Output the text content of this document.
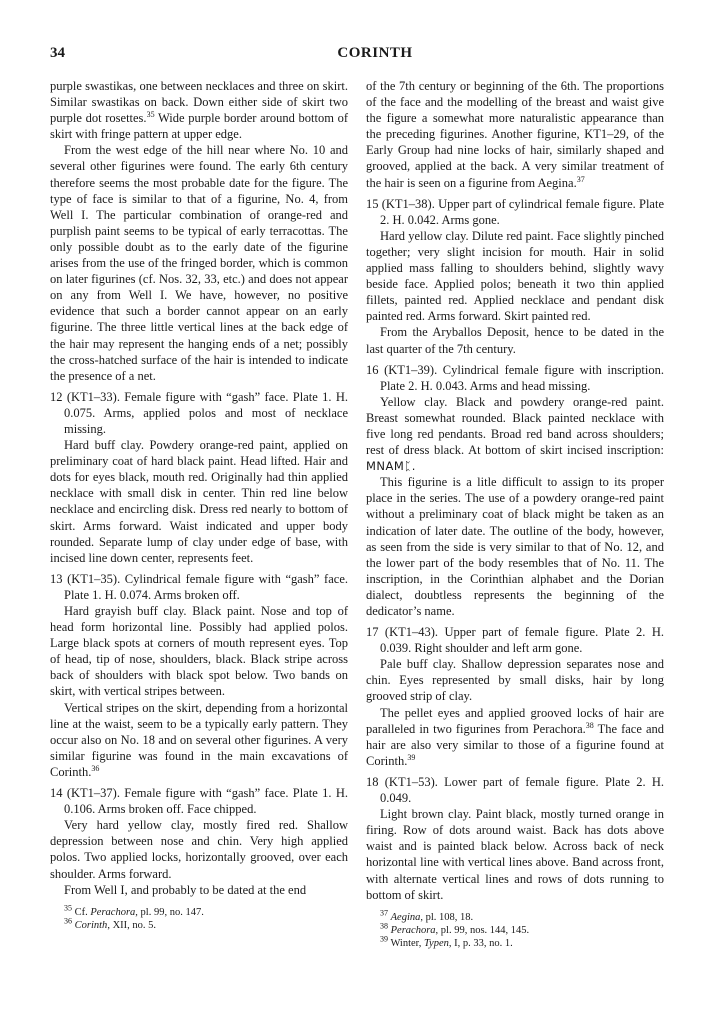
34	CORINTH

purple swastikas, one between necklaces and three on skirt. Similar swastikas on back. Down either side of skirt two purple dot rosettes.$^{35}$ Wide purple border around bottom of skirt with fringe pattern at upper edge.

From the west edge of the hill near where No. 10 and several other figurines were found. The early 6th century therefore seems the most probable date for the figure. The type of face is similar to that of a figurine, No. 4, from Well I. The particular combination of orange-red and purplish paint seems to be typical of early terracottas. The only possible doubt as to the early date of the figurine arises from the use of the fringed border, which is common on later figurines (cf. Nos. 32, 33, etc.) and does not appear on any from Well I. We have, however, no positive evidence that such a border cannot appear on an early figurine. The three little vertical lines at the back edge of the hair may represent the hanging ends of a net; possibly the cross-hatched surface of the hair is intended to indicate the presence of a net.

12 (KT1–33). Female figure with “gash” face. Plate 1. H. 0.075. Arms, applied polos and most of necklace missing.

Hard buff clay. Powdery orange-red paint, applied on preliminary coat of hard black paint. Head lifted. Hair and dots for eyes black, mouth red. Originally had thin applied necklace with small disk in center. Thin red line below necklace and encircling disk. Dress red nearly to bottom of skirt. Arms forward. Waist indicated and upper body rounded. Separate lump of clay under edge of base, with incised line down center, represents feet.

13 (KT1–35). Cylindrical female figure with “gash” face. Plate 1. H. 0.074. Arms broken off.

Hard grayish buff clay. Black paint. Nose and top of head form horizontal line. Possibly had applied polos. Large black spots at corners of mouth represent eyes. Top of head, tip of nose, shoulders, black. Black stripe across back of shoulders with black spot below. Two bands on skirt, with vertical stripes between.

Vertical stripes on the skirt, depending from a horizontal line at the waist, seem to be a typically early pattern. They occur also on No. 18 and on several other figurines. A very similar figurine was found in the main excavations of Corinth.$^{36}$

14 (KT1–37). Female figure with “gash” face. Plate 1. H. 0.106. Arms broken off. Face chipped.

Very hard yellow clay, mostly fired red. Shallow depression between nose and chin. Very high applied polos. Two applied locks, horizontally grooved, over each shoulder. Arms forward.

From Well I, and probably to be dated at the end

$^{35}$ Cf. Perachora, pl. 99, no. 147.

$^{36}$ Corinth, XII, no. 5.

of the 7th century or beginning of the 6th. The proportions of the face and the modelling of the breast and waist give the figure a somewhat more naturalistic appearance than the preceding figurines. Another figurine, KT1–29, of the Early Group had nine locks of hair, similarly shaped and grooved, applied at the back. A very similar treatment of the hair is seen on a figurine from Aegina.$^{37}$

15 (KT1–38). Upper part of cylindrical female figure. Plate 2. H. 0.042. Arms gone.

Hard yellow clay. Dilute red paint. Face slightly pinched together; very slight incision for mouth. Hair in solid applied mass falling to shoulders behind, slightly wavy beside face. Applied polos; beneath it two thin applied fillets, painted red. Applied necklace and pendant disk painted red. Arms forward. Skirt painted red.

From the Aryballos Deposit, hence to be dated in the last quarter of the 7th century.

16 (KT1–39). Cylindrical female figure with inscription. Plate 2. H. 0.043. Arms and head missing.

Yellow clay. Black and powdery orange-red paint. Breast somewhat rounded. Black painted necklace with five long red pendants. Broad red band across shoulders; rest of dress black. At bottom of skirt incised inscription: MNAMᛈ.

This figurine is a litle difficult to assign to its proper place in the series. The use of a powdery orange-red paint without a preliminary coat of black might be taken as an indication of later date. The outline of the body, however, as seen from the side is very similar to that of No. 12, and the lower part of the body resembles that of No. 11. The inscription, in the Corinthian alphabet and the Dorian dialect, doubtless represents the beginning of the dedicator’s name.

17 (KT1–43). Upper part of female figure. Plate 2. H. 0.039. Right shoulder and left arm gone.

Pale buff clay. Shallow depression separates nose and chin. Eyes represented by small disks, hair by long grooved strip of clay.

The pellet eyes and applied grooved locks of hair are paralleled in two figurines from Perachora.$^{38}$ The face and hair are also very similar to those of a figurine found at Corinth.$^{39}$

18 (KT1–53). Lower part of female figure. Plate 2. H. 0.049.

Light brown clay. Paint black, mostly turned orange in firing. Row of dots around waist. Back has dots above waist and is painted black below. Across back of neck horizontal line with vertical lines above. Band across front, with alternate vertical lines and rows of dots running to bottom of skirt.

$^{37}$ Aegina, pl. 108, 18.

$^{38}$ Perachora, pl. 99, nos. 144, 145.

$^{39}$ Winter, Typen, I, p. 33, no. 1.
